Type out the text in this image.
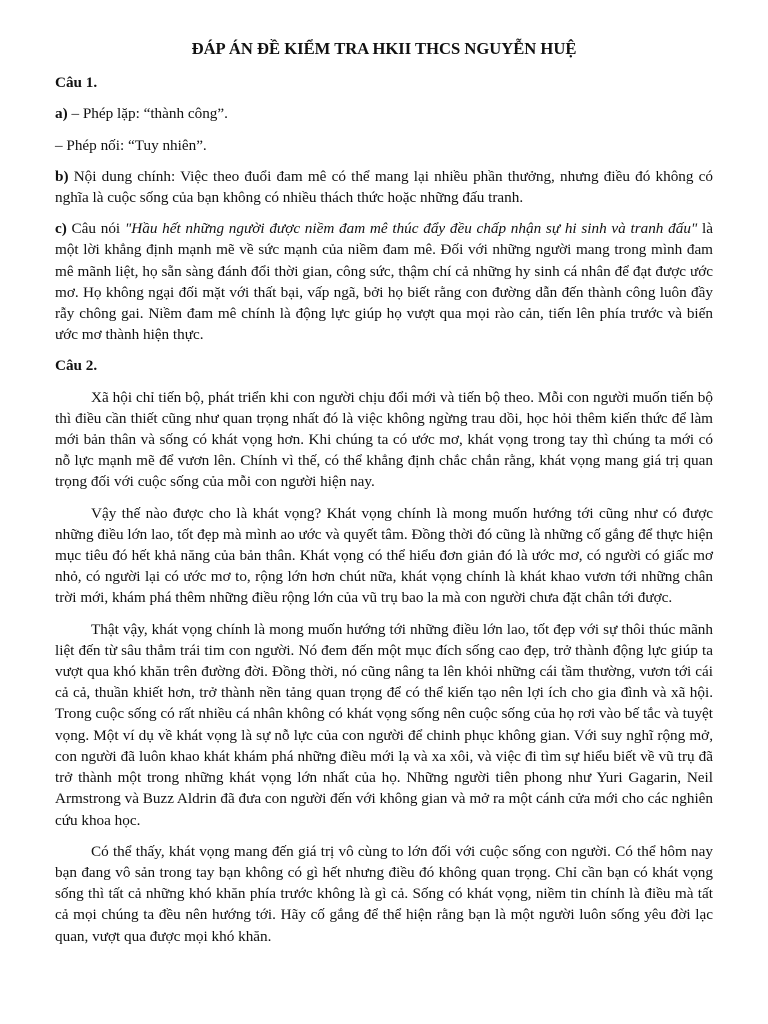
ĐÁP ÁN ĐỀ KIỂM TRA HKII THCS NGUYỄN HUỆ
Câu 1.

a) – Phép lặp: “thành công”.

– Phép nối: “Tuy nhiên”.

b) Nội dung chính: Việc theo đuổi đam mê có thể mang lại nhiều phần thưởng, nhưng điều đó không có nghĩa là cuộc sống của bạn không có nhiều thách thức hoặc những đấu tranh.

c) Câu nói "Hầu hết những người được niềm đam mê thúc đẩy đều chấp nhận sự hi sinh và tranh đấu" là một lời khẳng định mạnh mẽ về sức mạnh của niềm đam mê. Đối với những người mang trong mình đam mê mãnh liệt, họ sẵn sàng đánh đổi thời gian, công sức, thậm chí cả những hy sinh cá nhân để đạt được ước mơ. Họ không ngại đối mặt với thất bại, vấp ngã, bởi họ biết rằng con đường dẫn đến thành công luôn đầy rẫy chông gai. Niềm đam mê chính là động lực giúp họ vượt qua mọi rào cản, tiến lên phía trước và biến ước mơ thành hiện thực.

Câu 2.

Xã hội chỉ tiến bộ, phát triển khi con người chịu đổi mới và tiến bộ theo. Mỗi con người muốn tiến bộ thì điều cần thiết cũng như quan trọng nhất đó là việc không ngừng trau dồi, học hỏi thêm kiến thức để làm mới bản thân và sống có khát vọng hơn. Khi chúng ta có ước mơ, khát vọng trong tay thì chúng ta mới có nỗ lực mạnh mẽ để vươn lên. Chính vì thế, có thể khẳng định chắc chắn rằng, khát vọng mang giá trị quan trọng đối với cuộc sống của mỗi con người hiện nay.

Vậy thế nào được cho là khát vọng? Khát vọng chính là mong muốn hướng tới cũng như có được những điều lớn lao, tốt đẹp mà mình ao ước và quyết tâm. Đồng thời đó cũng là những cố gắng để thực hiện mục tiêu đó hết khả năng của bản thân. Khát vọng có thể hiểu đơn giản đó là ước mơ, có người có giấc mơ nhỏ, có người lại có ước mơ to, rộng lớn hơn chút nữa, khát vọng chính là khát khao vươn tới những chân trời mới, khám phá thêm những điều rộng lớn của vũ trụ bao la mà con người chưa đặt chân tới được.

Thật vậy, khát vọng chính là mong muốn hướng tới những điều lớn lao, tốt đẹp với sự thôi thúc mãnh liệt đến từ sâu thẳm trái tim con người. Nó đem đến một mục đích sống cao đẹp, trở thành động lực giúp ta vượt qua khó khăn trên đường đời. Đồng thời, nó cũng nâng ta lên khỏi những cái tầm thường, vươn tới cái cả cả, thuần khiết hơn, trở thành nền tảng quan trọng để có thể kiến tạo nên lợi ích cho gia đình và xã hội. Trong cuộc sống có rất nhiều cá nhân không có khát vọng sống nên cuộc sống của họ rơi vào bế tắc và tuyệt vọng. Một ví dụ về khát vọng là sự nỗ lực của con người để chinh phục không gian. Với suy nghĩ rộng mở, con người đã luôn khao khát khám phá những điều mới lạ và xa xôi, và việc đi tìm sự hiểu biết về vũ trụ đã trở thành một trong những khát vọng lớn nhất của họ. Những người tiên phong như Yuri Gagarin, Neil Armstrong và Buzz Aldrin đã đưa con người đến với không gian và mở ra một cánh cửa mới cho các nghiên cứu khoa học.

Có thể thấy, khát vọng mang đến giá trị vô cùng to lớn đối với cuộc sống con người. Có thể hôm nay bạn đang vô sản trong tay bạn không có gì hết nhưng điều đó không quan trọng. Chỉ cần bạn có khát vọng sống thì tất cả những khó khăn phía trước không là gì cả. Sống có khát vọng, niềm tin chính là điều mà tất cả mọi chúng ta đều nên hướng tới. Hãy cố gắng để thể hiện rằng bạn là một người luôn sống yêu đời lạc quan, vượt qua được mọi khó khăn.
